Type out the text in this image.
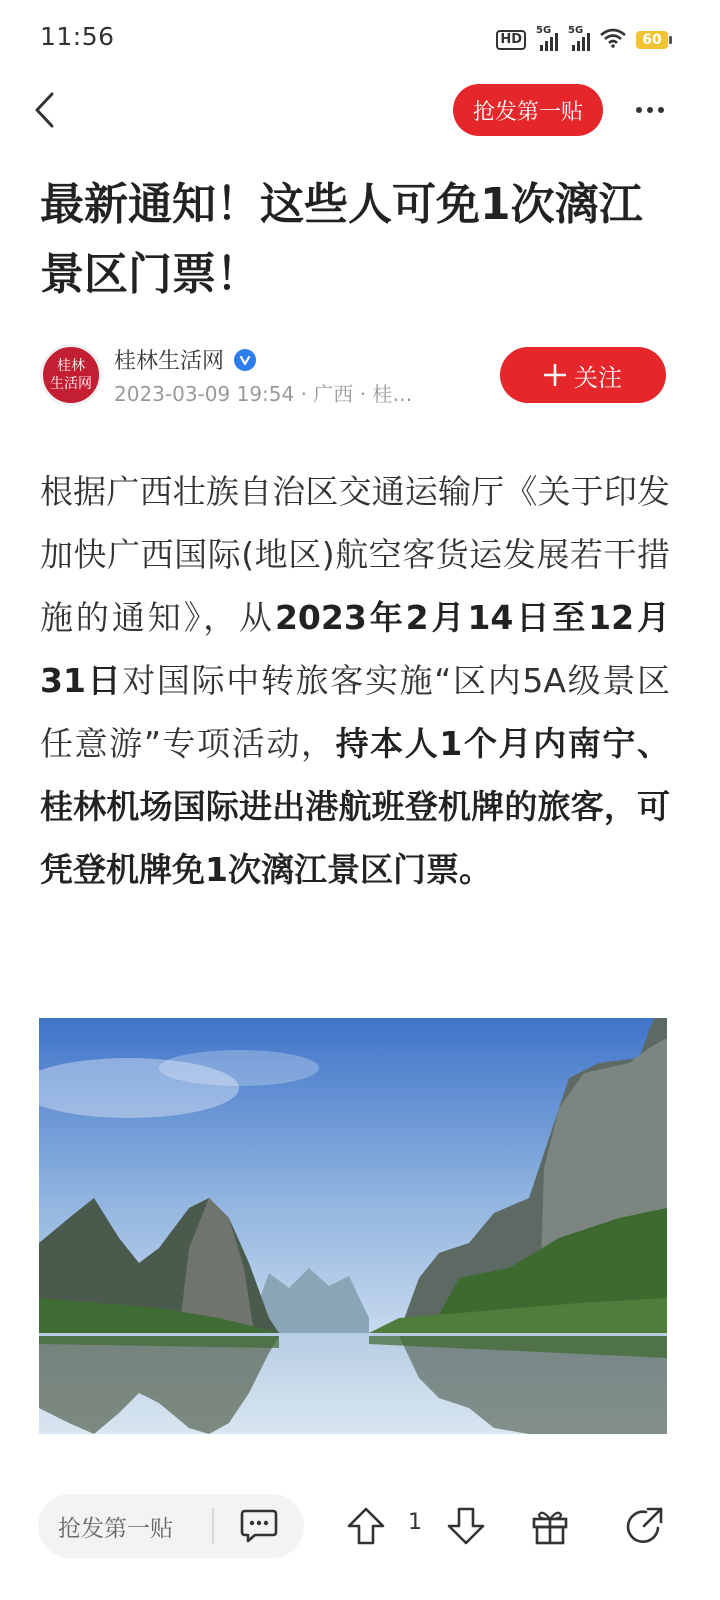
11:56	HD
5G 5G
60
抢发第一贴
最新通知！这些人可免1次漓江景区门票！
桂林
生活网
桂林生活网
2023-03-09 19:54 · 广西 · 桂…
关注

根据广西壮族自治区交通运输厅《关于印发加快广西国际(地区)航空客货运发展若干措施的通知》，从2023年2月14日至12月31日对国际中转旅客实施“区内5A级景区任意游”专项活动，持本人1个月内南宁、桂林机场国际进出港航班登机牌的旅客，可凭登机牌免1次漓江景区门票。

抢发第一贴	1
